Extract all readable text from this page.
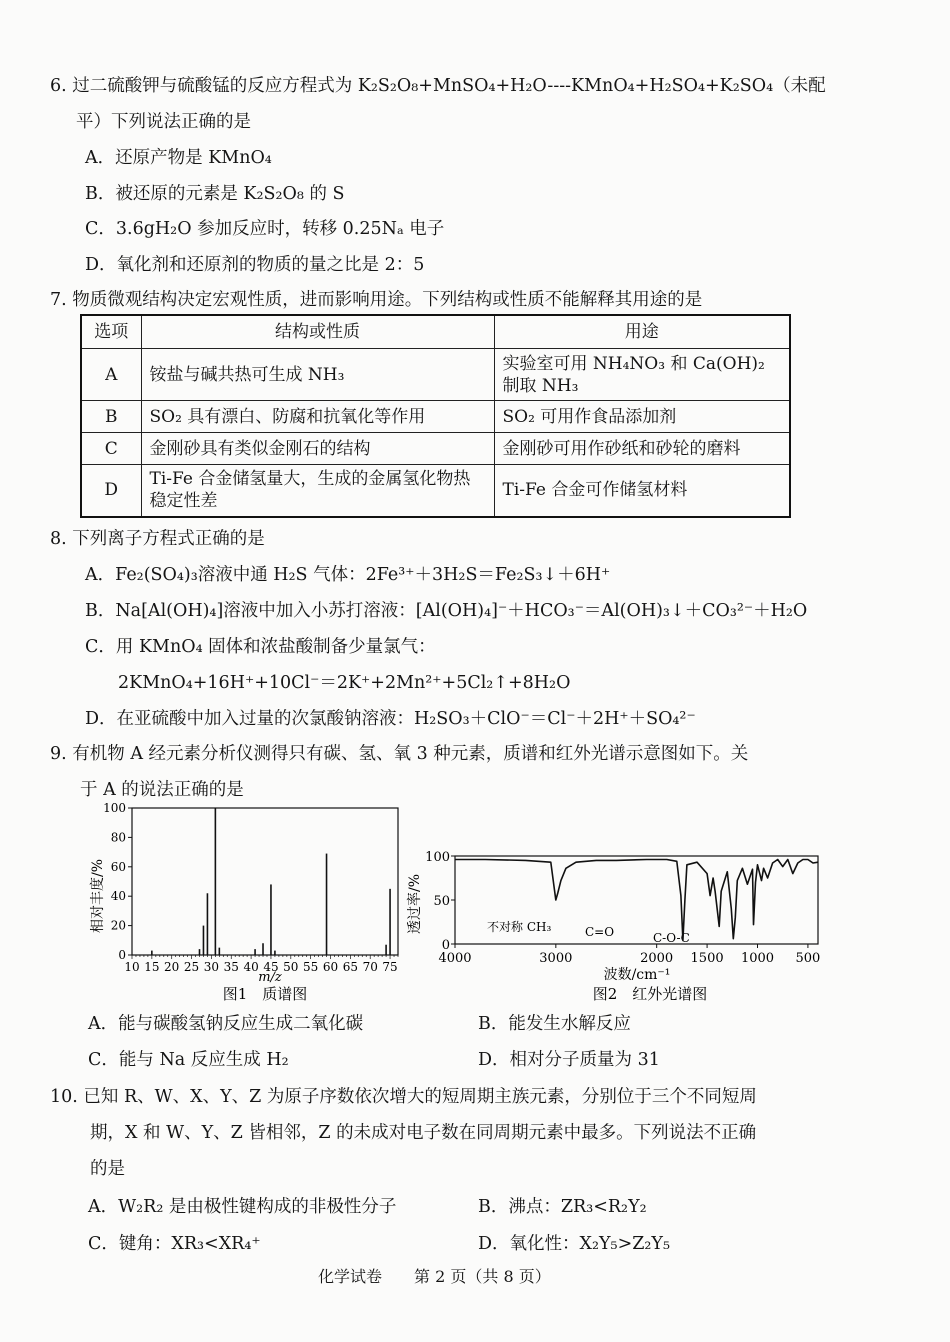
6. 过二硫酸钾与硫酸锰的反应方程式为 K₂S₂O₈+MnSO₄+H₂O----KMnO₄+H₂SO₄+K₂SO₄（未配
平）下列说法正确的是
A．还原产物是 KMnO₄
B．被还原的元素是 K₂S₂O₈ 的 S
C．3.6gH₂O 参加反应时，转移 0.25Nₐ 电子
D．氧化剂和还原剂的物质的量之比是 2：5
7. 物质微观结构决定宏观性质，进而影响用途。下列结构或性质不能解释其用途的是
选项	结构或性质	用途
A	铵盐与碱共热可生成 NH₃	实验室可用 NH₄NO₃ 和 Ca(OH)₂ 制取 NH₃
B	SO₂ 具有漂白、防腐和抗氧化等作用	SO₂ 可用作食品添加剂
C	金刚砂具有类似金刚石的结构	金刚砂可用作砂纸和砂轮的磨料
D	Ti-Fe 合金储氢量大，生成的金属氢化物热稳定性差	Ti-Fe 合金可作储氢材料
8. 下列离子方程式正确的是
A．Fe₂(SO₄)₃溶液中通 H₂S 气体：2Fe³⁺＋3H₂S＝Fe₂S₃↓＋6H⁺
B．Na[Al(OH)₄]溶液中加入小苏打溶液：[Al(OH)₄]⁻＋HCO₃⁻＝Al(OH)₃↓＋CO₃²⁻＋H₂O
C．用 KMnO₄ 固体和浓盐酸制备少量氯气：
2KMnO₄+16H⁺+10Cl⁻＝2K⁺+2Mn²⁺+5Cl₂↑+8H₂O
D．在亚硫酸中加入过量的次氯酸钠溶液：H₂SO₃＋ClO⁻＝Cl⁻＋2H⁺＋SO₄²⁻
9. 有机物 A 经元素分析仪测得只有碳、氢、氧 3 种元素，质谱和红外光谱示意图如下。关
于 A 的说法正确的是
相对丰度/%
m/z
图1　质谱图
0
20
40
60
80
100
10 15 20 25 30 35 40 45 50 55 60 65 70 75
透过率/%
波数/cm⁻¹
图2　红外光谱图
不对称 CH₃	C=O	C-O-C
0
50
100
4000	3000	2000 1500 1000 500
A．能与碳酸氢钠反应生成二氧化碳	B．能发生水解反应
C．能与 Na 反应生成 H₂	D．相对分子质量为 31
10. 已知 R、W、X、Y、Z 为原子序数依次增大的短周期主族元素，分别位于三个不同短周
期，X 和 W、Y、Z 皆相邻，Z 的未成对电子数在同周期元素中最多。下列说法不正确
的是
A．W₂R₂ 是由极性键构成的非极性分子	B．沸点：ZR₃<R₂Y₂
C．键角：XR₃<XR₄⁺	D．氧化性：X₂Y₅>Z₂Y₅
化学试卷　　第 2 页（共 8 页）
